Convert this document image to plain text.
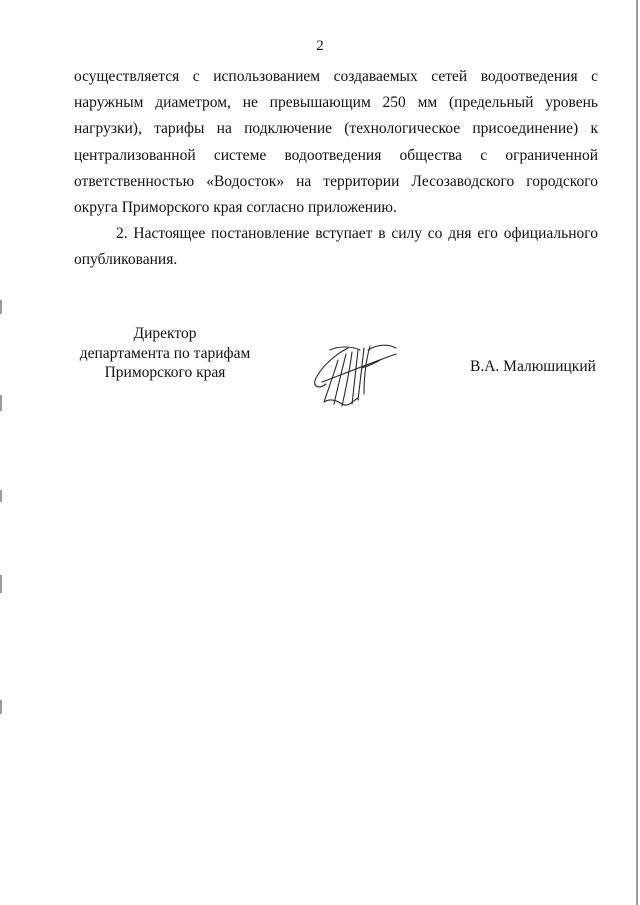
2

осуществляется с использованием создаваемых сетей водоотведения с наружным диаметром, не превышающим 250 мм (предельный уровень нагрузки), тарифы на подключение (технологическое присоединение) к централизованной системе водоотведения общества с ограниченной ответственностью «Водосток» на территории Лесозаводского городского округа Приморского края согласно приложению.

2. Настоящее постановление вступает в силу со дня его официального опубликования.

Директор
департамента по тарифам
Приморского края	В.А. Малюшицкий
